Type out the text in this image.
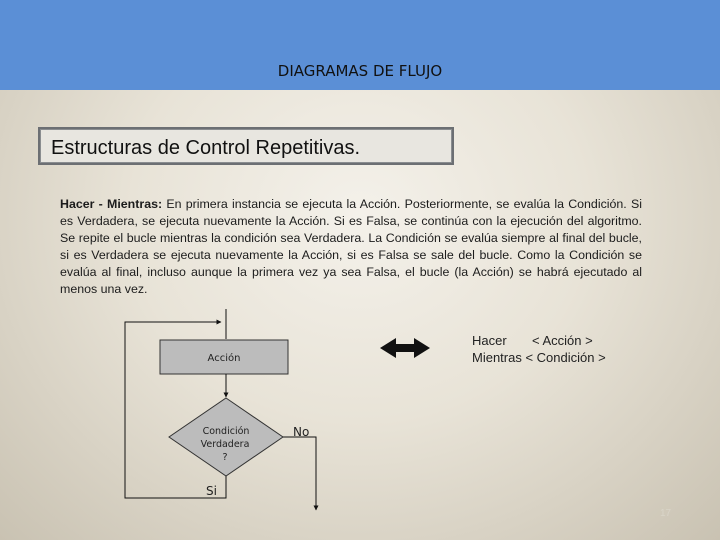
DIAGRAMAS DE FLUJO
Estructuras de Control Repetitivas.
Hacer - Mientras: En primera instancia se ejecuta la Acción. Posteriormente, se evalúa la Condición. Si es Verdadera, se ejecuta nuevamente la Acción. Si es Falsa, se continúa con la ejecución del algoritmo. Se repite el bucle mientras la condición sea Verdadera. La Condición se evalúa siempre al final del bucle, si es Verdadera se ejecuta nuevamente la Acción, si es Falsa se sale del bucle. Como la Condición se evalúa al final, incluso aunque la primera vez ya sea Falsa, el bucle (la Acción) se habrá ejecutado al menos una vez.
Acción
Condición
Verdadera
?
Si
No
Hacer       < Acción >
Mientras < Condición >
17
